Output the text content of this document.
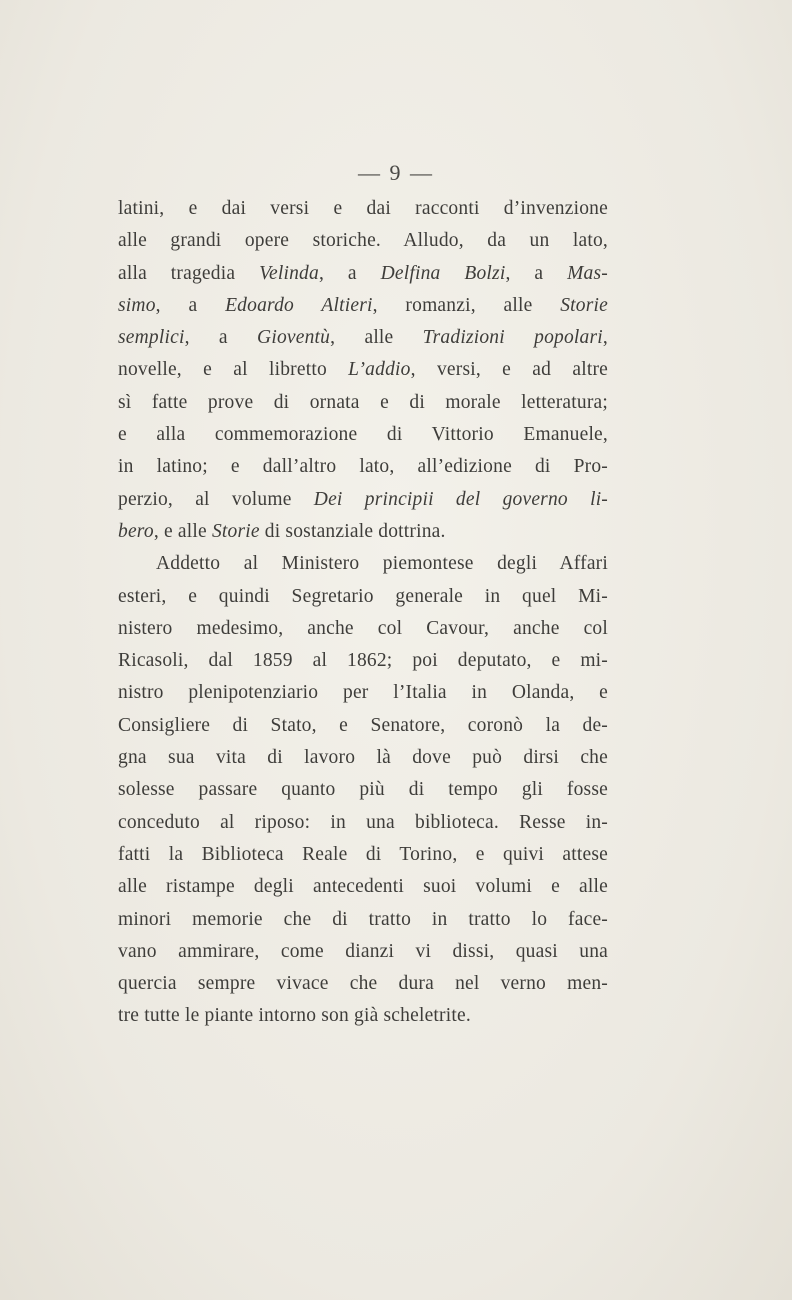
— 9 —
latini, e dai versi e dai racconti d’invenzione
alle grandi opere storiche. Alludo, da un lato,
alla tragedia Velinda, a Delfina Bolzi, a Mas-
simo, a Edoardo Altieri, romanzi, alle Storie
semplici, a Gioventù, alle Tradizioni popolari,
novelle, e al libretto L’addio, versi, e ad altre
sì fatte prove di ornata e di morale letteratura;
e alla commemorazione di Vittorio Emanuele,
in latino; e dall’altro lato, all’edizione di Pro-
perzio, al volume Dei principii del governo li-
bero, e alle Storie di sostanziale dottrina.
Addetto al Ministero piemontese degli Affari
esteri, e quindi Segretario generale in quel Mi-
nistero medesimo, anche col Cavour, anche col
Ricasoli, dal 1859 al 1862; poi deputato, e mi-
nistro plenipotenziario per l’Italia in Olanda, e
Consigliere di Stato, e Senatore, coronò la de-
gna sua vita di lavoro là dove può dirsi che
solesse passare quanto più di tempo gli fosse
conceduto al riposo: in una biblioteca. Resse in-
fatti la Biblioteca Reale di Torino, e quivi attese
alle ristampe degli antecedenti suoi volumi e alle
minori memorie che di tratto in tratto lo face-
vano ammirare, come dianzi vi dissi, quasi una
quercia sempre vivace che dura nel verno men-
tre tutte le piante intorno son già scheletrite.
